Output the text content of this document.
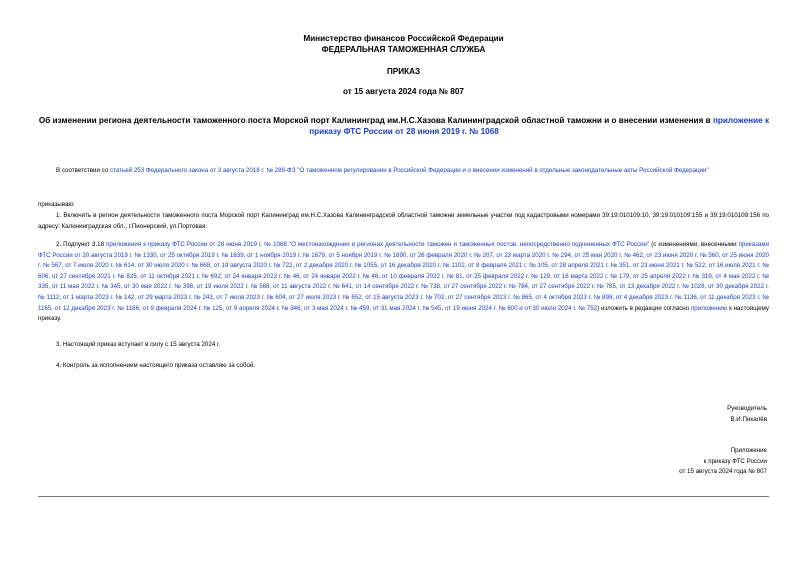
Министерство финансов Российской Федерации
ФЕДЕРАЛЬНАЯ ТАМОЖЕННАЯ СЛУЖБА
ПРИКАЗ
от 15 августа 2024 года № 807
Об изменении региона деятельности таможенного поста Морской порт Калининград им.Н.С.Хазова Калининградской областной таможни и о внесении изменения в приложение к приказу ФТС России от 28 июня 2019 г. № 1068
В соответствии со статьей 253 Федерального закона от 3 августа 2018 г. № 289-ФЗ "О таможенном регулировании в Российской Федерации и о внесении изменений в отдельные законодательные акты Российской Федерации"
приказываю:
1. Включить в регион деятельности таможенного поста Морской порт Калининград им.Н.С.Хазова Калининградской областной таможни земельные участки под кадастровыми номерами 39:19:010109:10, 39:19:010109:155 и 39:19:010109:156 по адресу: Калининградская обл., г.Пионерский, ул.Портовая.
2. Подпункт 3.18 приложения к приказу ФТС России от 28 июня 2019 г. № 1068 "О местонахождении и регионах деятельности таможен и таможенных постов, непосредственно подчиненных ФТС России" (с изменениями, внесенными приказами ФТС России от 20 августа 2019 г. № 1330, от 25 октября 2019 г. № 1639, от 1 ноября 2019 г. № 1679, от 5 ноября 2019 г. № 1690, от 26 февраля 2020 г. № 207, от 23 марта 2020 г. № 294, от 25 мая 2020 г. № 462, от 23 июня 2020 г. № 560, от 25 июня 2020 г. № 567, от 7 июля 2020 г. № 614, от 30 июля 2020 г. № 668, от 19 августа 2020 г. № 722, от 2 декабря 2020 г. № 1055, от 16 декабря 2020 г. № 1102, от 8 февраля 2021 г. № 105, от 28 апреля 2021 г. № 351, от 23 июня 2021 г. № 522, от 16 июля 2021 г. № 606, от 27 сентября 2021 г. № 825, от 11 октября 2021 г. № 692, от 24 января 2022 г. № 46, от 24 января 2022 г. № 48, от 10 февраля 2022 г. № 81, от 25 февраля 2022 г. № 129, от 16 марта 2022 г. № 179, от 25 апреля 2022 г. № 319, от 4 мая 2022 г. № 335, от 11 мая 2022 г. № 345, от 30 мая 2022 г. № 398, от 19 июля 2022 г. № 568, от 11 августа 2022 г. № 641, от 14 сентября 2022 г. № 738, от 27 сентября 2022 г. № 784, от 27 сентября 2022 г. № 785, от 13 декабря 2022 г. № 1028, от 30 декабря 2022 г. № 1112, от 1 марта 2023 г. № 142, от 29 марта 2023 г. № 243, от 7 июля 2023 г. № 604, от 27 июля 2023 г. № 652, от 15 августа 2023 г. № 702, от 27 сентября 2023 г. № 865, от 4 октября 2023 г. № 898, от 4 декабря 2023 г. № 1136, от 11 декабря 2023 г. № 1165, от 12 декабря 2023 г. № 1186, от 9 февраля 2024 г. № 125, от 9 апреля 2024 г. № 346, от 3 мая 2024 г. № 459, от 31 мая 2024 г. № 545, от 19 июня 2024 г. № 600 и от 30 июля 2024 г. № 752) изложить в редакции согласно приложению к настоящему приказу.
3. Настоящий приказ вступает в силу с 15 августа 2024 г.
4. Контроль за исполнением настоящего приказа оставляю за собой.
Руководитель
В.И.Пикалёв
Приложение
к приказу ФТС России
от 15 августа 2024 года № 807
